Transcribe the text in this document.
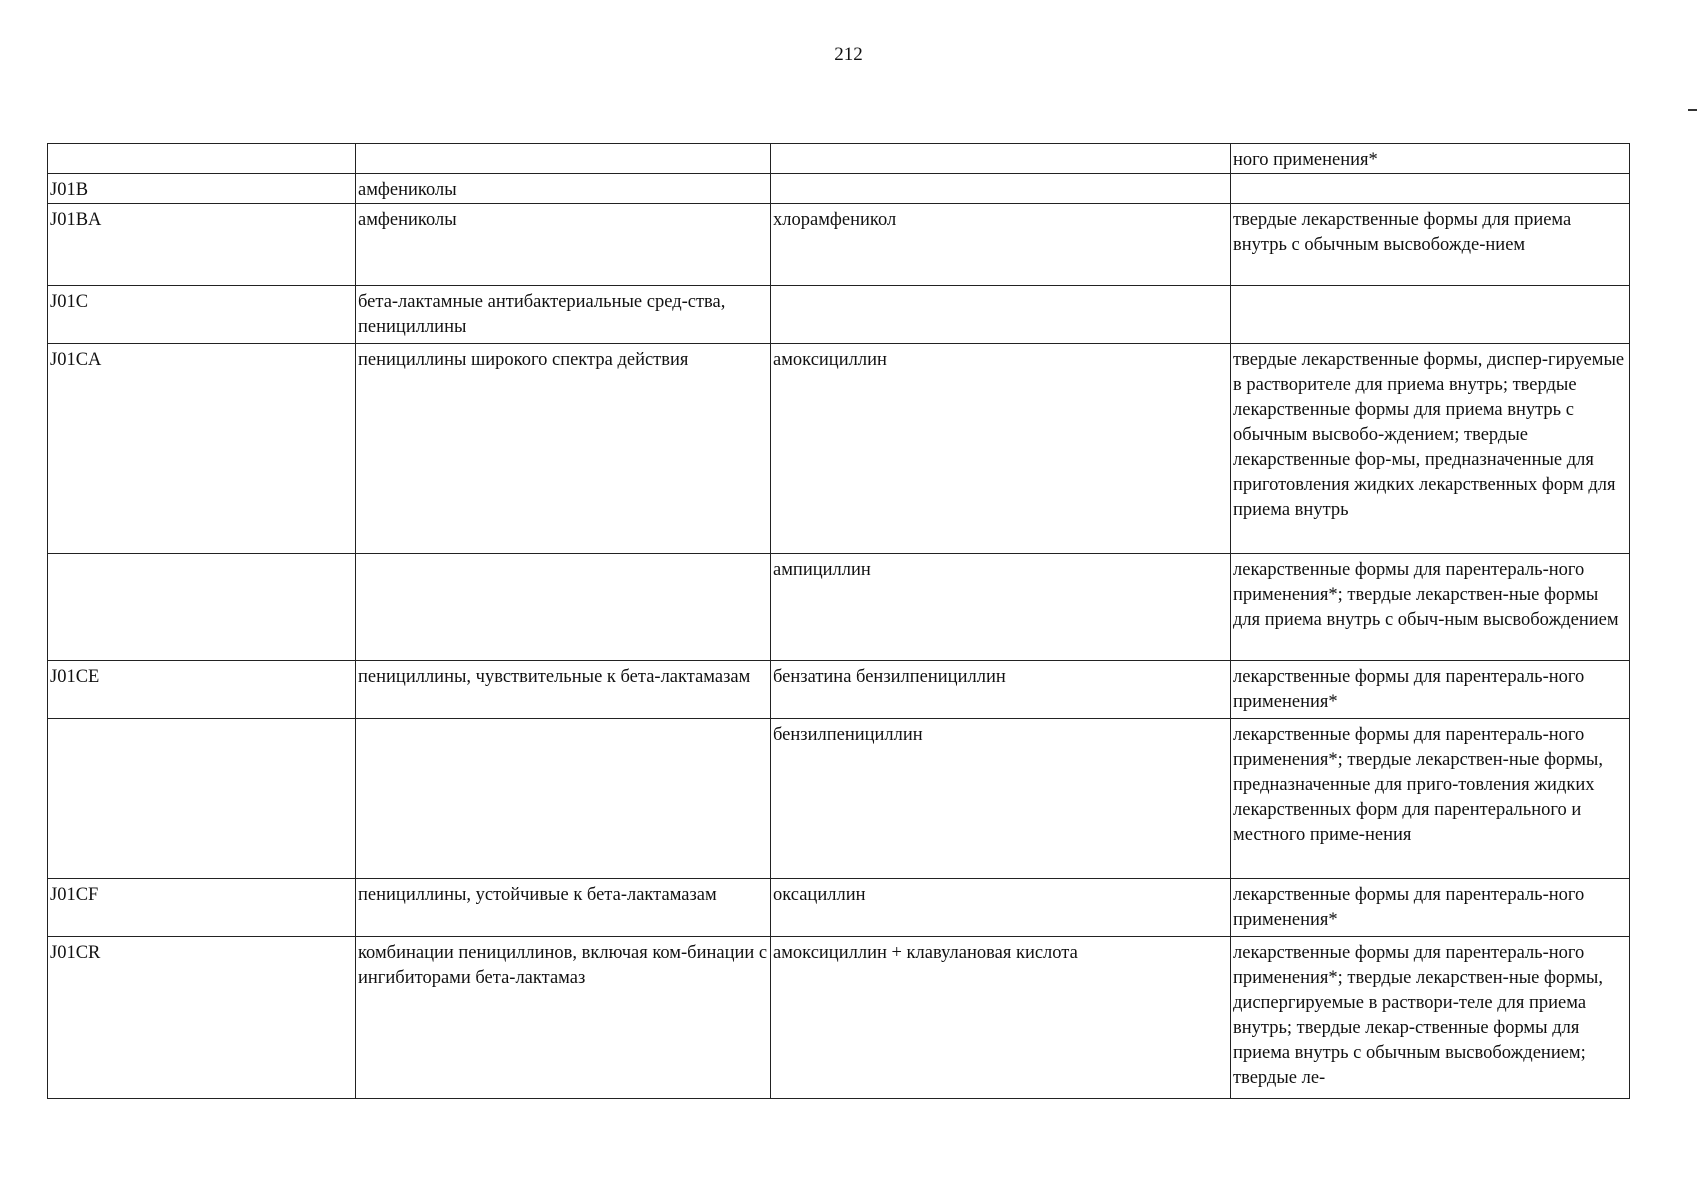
212
			ного применения*
J01B	амфениколы		
J01BA	амфениколы	хлорамфеникол	твердые лекарственные формы для приема внутрь с обычным высвобожде-нием
J01C	бета-лактамные антибактериальные сред-ства, пенициллины		
J01CA	пенициллины широкого спектра действия	амоксициллин	твердые лекарственные формы, диспер-гируемые в растворителе для приема внутрь; твердые лекарственные формы для приема внутрь с обычным высвобо-ждением; твердые лекарственные фор-мы, предназначенные для приготовления жидких лекарственных форм для приема внутрь
		ампициллин	лекарственные формы для парентераль-ного применения*; твердые лекарствен-ные формы для приема внутрь с обыч-ным высвобождением
J01CE	пенициллины, чувствительные к бета-лактамазам	бензатина бензилпенициллин	лекарственные формы для парентераль-ного применения*
		бензилпенициллин	лекарственные формы для парентераль-ного применения*; твердые лекарствен-ные формы, предназначенные для приго-товления жидких лекарственных форм для парентерального и местного приме-нения
J01CF	пенициллины, устойчивые к бета-лактамазам	оксациллин	лекарственные формы для парентераль-ного применения*
J01CR	комбинации пенициллинов, включая ком-бинации с ингибиторами бета-лактамаз	амоксициллин + клавулановая кислота	лекарственные формы для парентераль-ного применения*; твердые лекарствен-ные формы, диспергируемые в раствори-теле для приема внутрь; твердые лекар-ственные формы для приема внутрь с обычным высвобождением; твердые ле-
